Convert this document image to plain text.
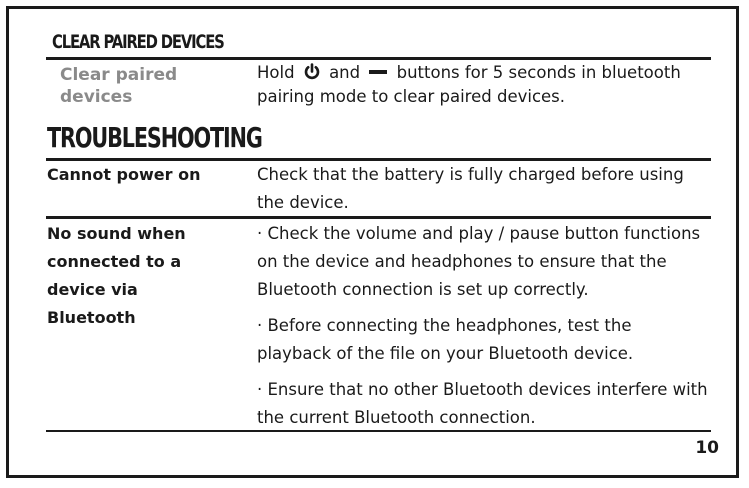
CLEAR PAIRED DEVICES
Clear paired devices
Hold and buttons for 5 seconds in bluetooth pairing mode to clear paired devices.
TROUBLESHOOTING
Cannot power on	Check that the battery is fully charged before using the device.
No sound when connected to a device via Bluetooth
· Check the volume and play / pause button functions on the device and headphones to ensure that the Bluetooth connection is set up correctly.
· Before connecting the headphones, test the playback of the file on your Bluetooth device.
· Ensure that no other Bluetooth devices interfere with the current Bluetooth connection.
10
